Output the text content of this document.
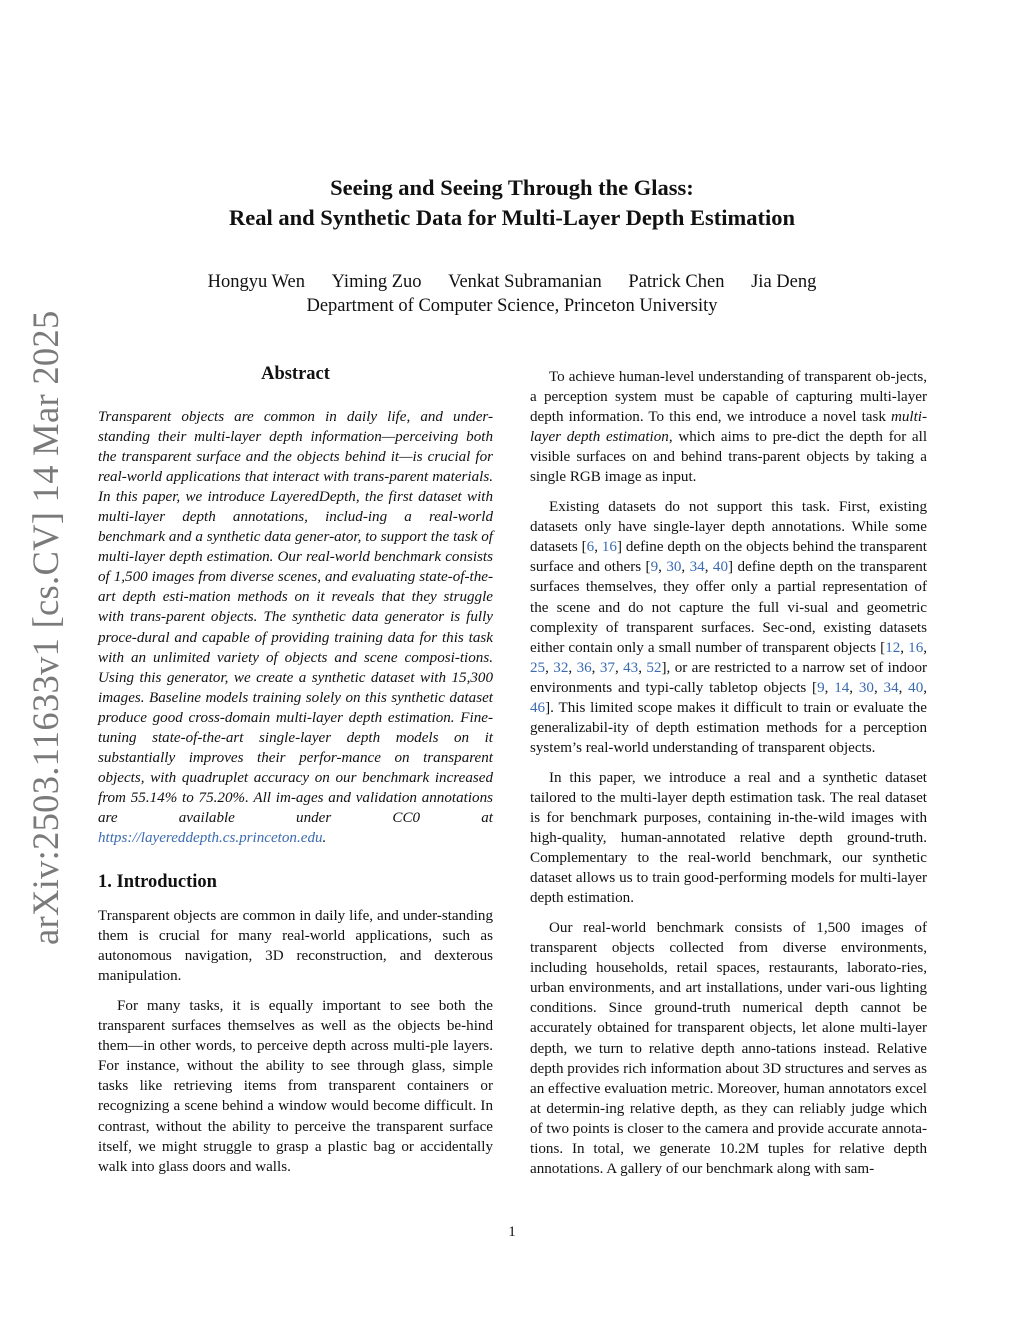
arXiv:2503.11633v1 [cs.CV] 14 Mar 2025
Seeing and Seeing Through the Glass:
Real and Synthetic Data for Multi-Layer Depth Estimation
Hongyu Wen Yiming Zuo Venkat Subramanian Patrick Chen Jia Deng
Department of Computer Science, Princeton University
Abstract

Transparent objects are common in daily life, and under-standing their multi-layer depth information—perceiving both the transparent surface and the objects behind it—is crucial for real-world applications that interact with trans-parent materials. In this paper, we introduce LayeredDepth, the first dataset with multi-layer depth annotations, includ-ing a real-world benchmark and a synthetic data gener-ator, to support the task of multi-layer depth estimation. Our real-world benchmark consists of 1,500 images from diverse scenes, and evaluating state-of-the-art depth esti-mation methods on it reveals that they struggle with trans-parent objects. The synthetic data generator is fully proce-dural and capable of providing training data for this task with an unlimited variety of objects and scene composi-tions. Using this generator, we create a synthetic dataset with 15,300 images. Baseline models training solely on this synthetic dataset produce good cross-domain multi-layer depth estimation. Fine-tuning state-of-the-art single-layer depth models on it substantially improves their perfor-mance on transparent objects, with quadruplet accuracy on our benchmark increased from 55.14% to 75.20%. All im-ages and validation annotations are available under CC0 at https://layereddepth.cs.princeton.edu.

1. Introduction

Transparent objects are common in daily life, and under-standing them is crucial for many real-world applications, such as autonomous navigation, 3D reconstruction, and dexterous manipulation.

For many tasks, it is equally important to see both the transparent surfaces themselves as well as the objects be-hind them—in other words, to perceive depth across multi-ple layers. For instance, without the ability to see through glass, simple tasks like retrieving items from transparent containers or recognizing a scene behind a window would become difficult. In contrast, without the ability to perceive the transparent surface itself, we might struggle to grasp a plastic bag or accidentally walk into glass doors and walls.

To achieve human-level understanding of transparent ob-jects, a perception system must be capable of capturing multi-layer depth information. To this end, we introduce a novel task multi-layer depth estimation, which aims to pre-dict the depth for all visible surfaces on and behind trans-parent objects by taking a single RGB image as input.

Existing datasets do not support this task. First, existing datasets only have single-layer depth annotations. While some datasets [6, 16] define depth on the objects behind the transparent surface and others [9, 30, 34, 40] define depth on the transparent surfaces themselves, they offer only a partial representation of the scene and do not capture the full vi-sual and geometric complexity of transparent surfaces. Sec-ond, existing datasets either contain only a small number of transparent objects [12, 16, 25, 32, 36, 37, 43, 52], or are restricted to a narrow set of indoor environments and typi-cally tabletop objects [9, 14, 30, 34, 40, 46]. This limited scope makes it difficult to train or evaluate the generalizabil-ity of depth estimation methods for a perception system’s real-world understanding of transparent objects.

In this paper, we introduce a real and a synthetic dataset tailored to the multi-layer depth estimation task. The real dataset is for benchmark purposes, containing in-the-wild images with high-quality, human-annotated relative depth ground-truth. Complementary to the real-world benchmark, our synthetic dataset allows us to train good-performing models for multi-layer depth estimation.

Our real-world benchmark consists of 1,500 images of transparent objects collected from diverse environments, including households, retail spaces, restaurants, laborato-ries, urban environments, and art installations, under vari-ous lighting conditions. Since ground-truth numerical depth cannot be accurately obtained for transparent objects, let alone multi-layer depth, we turn to relative depth anno-tations instead. Relative depth provides rich information about 3D structures and serves as an effective evaluation metric. Moreover, human annotators excel at determin-ing relative depth, as they can reliably judge which of two points is closer to the camera and provide accurate annota-tions. In total, we generate 10.2M tuples for relative depth annotations. A gallery of our benchmark along with sam-

1
